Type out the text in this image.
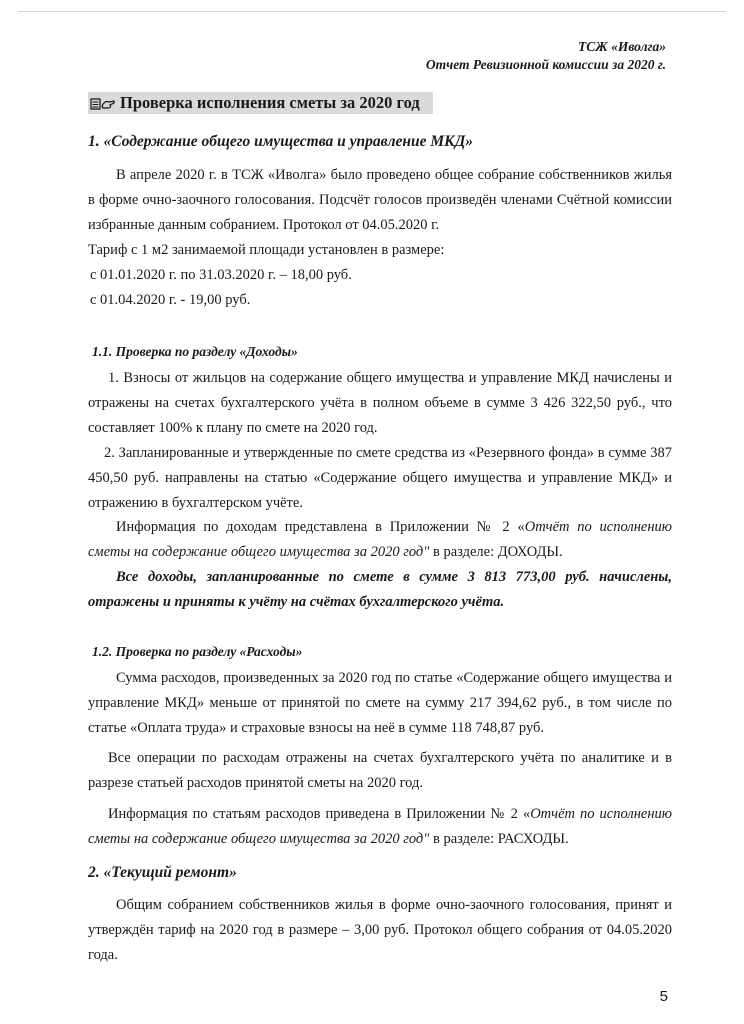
ТСЖ «Иволга»
Отчет Ревизионной комиссии за 2020 г.
Проверка исполнения сметы за 2020 год
1. «Содержание общего имущества и управление МКД»

В апреле 2020 г. в ТСЖ «Иволга» было проведено общее собрание собственников жилья в форме очно-заочного голосования. Подсчёт голосов произведён членами Счётной комиссии избранные данным собранием. Протокол от 04.05.2020 г.

Тариф с 1 м2 занимаемой площади установлен в размере:

с 01.01.2020 г. по 31.03.2020 г. – 18,00 руб.

с 01.04.2020 г. - 19,00 руб.

1.1. Проверка по разделу «Доходы»

1. Взносы от жильцов на содержание общего имущества и управление МКД начислены и отражены на счетах бухгалтерского учёта в полном объеме в сумме 3 426 322,50 руб., что составляет 100% к плану по смете на 2020 год.

2. Запланированные и утвержденные по смете средства из «Резервного фонда» в сумме 387 450,50 руб. направлены на статью «Содержание общего имущества и управление МКД» и отражению в бухгалтерском учёте.

Информация по доходам представлена в Приложении № 2 «Отчёт по исполнению сметы на содержание общего имущества за 2020 год" в разделе: ДОХОДЫ.

Все доходы, запланированные по смете в сумме 3 813 773,00 руб. начислены, отражены и приняты к учёту на счётах бухгалтерского учёта.

1.2. Проверка по разделу «Расходы»

Сумма расходов, произведенных за 2020 год по статье «Содержание общего имущества и управление МКД» меньше от принятой по смете на сумму 217 394,62 руб., в том числе по статье «Оплата труда» и страховые взносы на неё в сумме 118 748,87 руб.

Все операции по расходам отражены на счетах бухгалтерского учёта по аналитике и в разрезе статьей расходов принятой сметы на 2020 год.

Информация по статьям расходов приведена в Приложении № 2 «Отчёт по исполнению сметы на содержание общего имущества за 2020 год" в разделе: РАСХОДЫ.

2. «Текущий ремонт»

Общим собранием собственников жилья в форме очно-заочного голосования, принят и утверждён тариф на 2020 год в размере – 3,00 руб. Протокол общего собрания от 04.05.2020 года.

5
